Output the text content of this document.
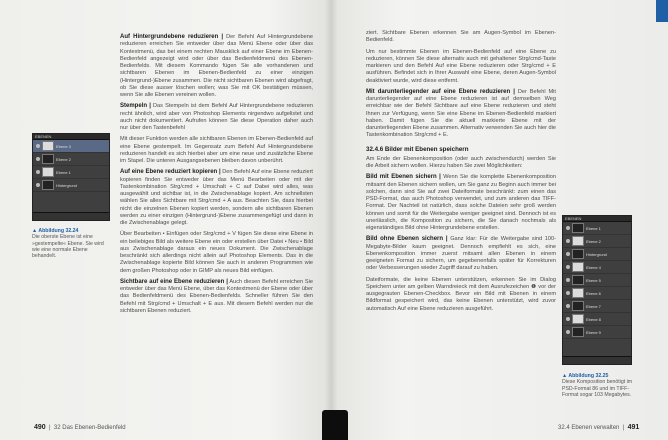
EBENEN
Ebene 3
Ebene 2
Ebene 1
Hintergrund
▲ Abbildung 32.24
Die oberste Ebene ist eine »gestempelte« Ebene. Sie wird wie eine normale Ebene behandelt.

Auf Hintergrundebene reduzieren | Der Befehl Auf Hintergrundebene reduzieren erreichen Sie entweder über das Menü Ebene oder über das Kontextmenü, das bei einem rechten Mausklick auf einer Ebene im Ebenen-Bedienfeld angezeigt wird oder über das Bedienfeldmenü des Ebenen-Bedienfelds. Mit diesem Kommando fügen Sie alle vorhandenen und sichtbaren Ebenen im Ebenen-Bedienfeld zu einer einzigen (Hintergrund-)Ebene zusammen. Die nicht sichtbaren Ebenen wird abgefragt, ob Sie diese ausser löschen wollen; was Sie mit OK bestätigen müssen, wenn Sie alle Ebenen vereinen wollen.

Stempeln | Das Stempeln ist dem Befehl Auf Hintergrundebene reduzieren recht ähnlich, wird aber von Photoshop Elements nirgendwo aufgelistet und auch nicht dokumentiert. Aufrufen können Sie diese Operation daher auch nur über den Tastenbefehl

Mit dieser Funktion werden alle sichtbaren Ebenen im Ebenen-Bedienfeld auf eine Ebene gestempelt. Im Gegensatz zum Befehl Auf Hintergrundebene reduzieren handelt es sich hierbei aber um eine neue und zusätzliche Ebene im Stapel. Die unteren Ausgangsebenen bleiben davon unberührt.

Auf eine Ebene reduziert kopieren | Den Befehl Auf eine Ebene reduziert kopieren finden Sie entweder über das Menü Bearbeiten oder mit der Tastenkombination Strg/cmd + Umschalt + C auf Dabei wird alles, was ausgewählt und sichtbar ist, in die Zwischenablage kopiert. Am schnellsten wählen Sie alles Sichtbare mit Strg/cmd + A aus. Beachten Sie, dass hierbei nicht die einzelnen Ebenen kopiert werden, sondern alle sichtbaren Ebenen werden zu einer einzigen (Hintergrund-)Ebene zusammengefügt und dann in die Zwischenablage gelegt.

Über Bearbeiten • Einfügen oder Strg/cmd + V fügen Sie diese eine Ebene in ein beliebiges Bild als weitere Ebene ein oder erstellen über Datei • Neu • Bild aus Zwischenablage daraus ein neues Dokument. Die Zwischenablage beschränkt sich allerdings nicht allein auf Photoshop Elements. Das in die Zwischenablage kopierte Bild können Sie auch in anderen Programmen wie dem großen Photoshop oder in GIMP als neues Bild einfügen.

Sichtbare auf eine Ebene reduzieren | Auch diesen Befehl erreichen Sie entweder über das Menü Ebene, über das Kontextmenü der Ebene oder über das Bedienfeldmenü des Ebenen-Bedienfelds. Schneller führen Sie den Befehl mit Strg/cmd + Umschalt + E aus. Mit diesem Befehl werden nur die sichtbaren Ebenen reduziert.

ziert. Sichtbare Ebenen erkennen Sie am Augen-Symbol im Ebenen-Bedienfeld.

Um nur bestimmte Ebenen im Ebenen-Bedienfeld auf eine Ebene zu reduzieren, können Sie diese alternativ auch mit gehaltener Strg/cmd-Taste markieren und den Befehl Auf eine Ebene reduzieren oder Strg/cmd + E ausführen. Befindet sich in Ihrer Auswahl eine Ebene, deren Augen-Symbol deaktiviert wurde, wird diese entfernt.

Mit darunterliegender auf eine Ebene reduzieren | Der Befehl Mit darunterliegender auf eine Ebene reduzieren ist auf demselben Weg erreichbar wie der Befehl Sichtbare auf eine Ebene reduzieren und steht Ihnen zur Verfügung, wenn Sie eine Ebene im Ebenen-Bedienfeld markiert haben. Damit fügen Sie die aktuell markierte Ebene mit der darunterliegenden Ebene zusammen. Alternativ verwenden Sie auch hier die Tastenkombination Strg/cmd + E.

32.4.6 Bilder mit Ebenen speichern

Am Ende der Ebenenkomposition (oder auch zwischendurch) werden Sie die Arbeit sichern wollen. Hierzu haben Sie zwei Möglichkeiten:

Bild mit Ebenen sichern | Wenn Sie die komplette Ebenenkomposition mitsamt den Ebenen sichern wollen, um Sie ganz zu Beginn auch immer bei solchen, dann sind Sie auf zwei Dateiformate beschränkt: zum einen das PSD-Format, das auch Photoshop verwendet, und zum anderen das TIFF-Format. Der Nachteil ist natürlich, dass solche Dateien sehr groß werden können und somit für die Weitergabe weniger geeignet sind. Dennoch ist es unerlässlich, die Komposition zu sichern, die Sie danach nochmals als eigenständiges Bild ohne Hintergrundebene erstellen.

Bild ohne Ebenen sichern | Ganz klar: Für die Weitergabe sind 100-Megabyte-Bilder kaum geeignet. Dennoch empfiehlt es sich, eine Ebenenkomposition immer zuerst mitsamt allen Ebenen in einem geeigneten Format zu sichern, um gegebenenfalls später für Korrekturen oder Verbesserungen wieder Zugriff darauf zu haben.

Dateiformate, die keine Ebenen unterstützen, erkennen Sie im Dialog Speichern unter am gelben Warndreieck mit dem Ausrufezeichen ❶ vor der ausgegrauten Ebenen-Checkbox. Bevor ein Bild mit Ebenen in einem Bildformat gespeichert wird, das keine Ebenen unterstützt, wird zuvor automatisch Auf eine Ebene reduzieren ausgeführt.

EBENEN
Ebene 1
Ebene 2
Hintergrund
Ebene 4
Ebene 5
Ebene 6
Ebene 7
Ebene 8
Ebene 9
▲ Abbildung 32.25
Diese Komposition benötigt im PSD-Format 86 und im TIFF-Format sogar 103 Megabytes.
490  |  32 Das Ebenen-Bedienfeld	32.4 Ebenen verwalten  |  491
